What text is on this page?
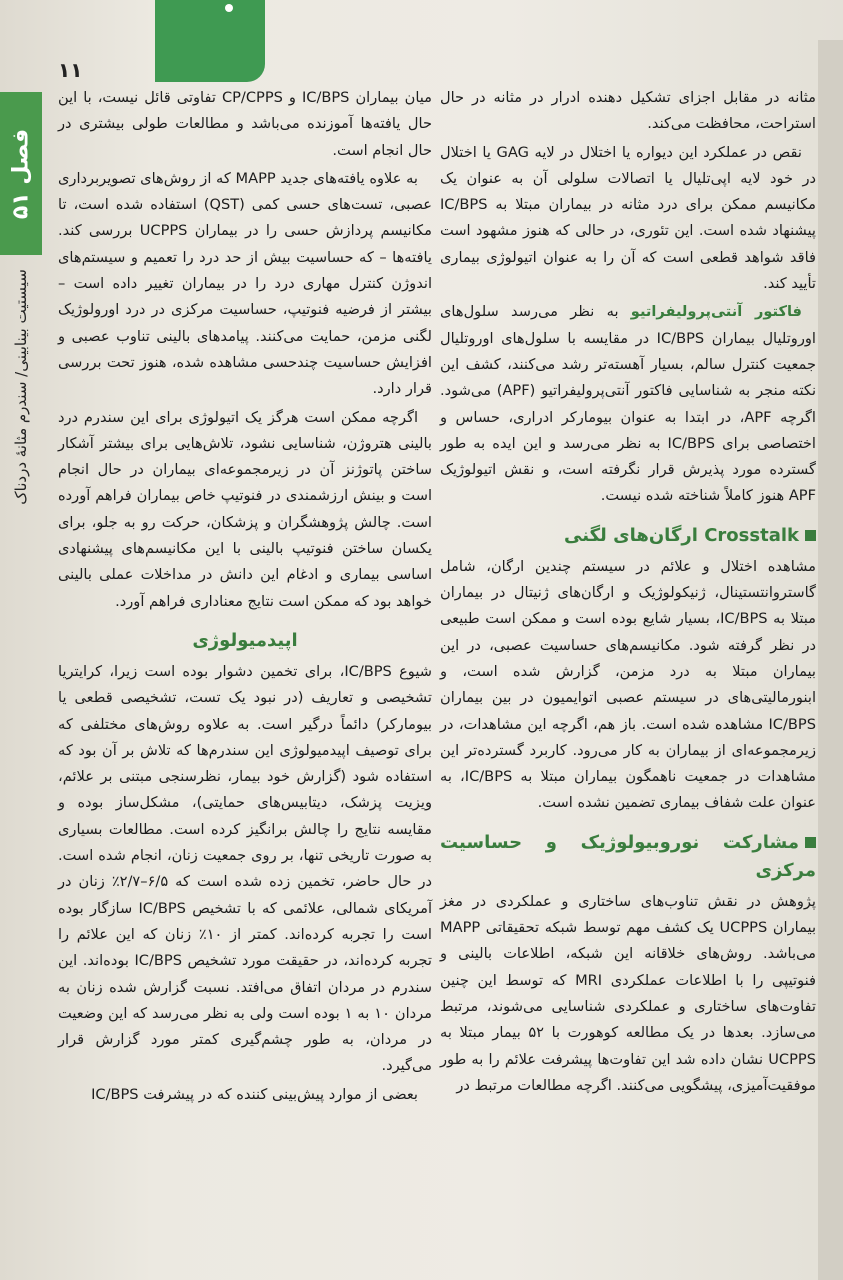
۱۱
فصل ۵۱
سیستیت بینابینی/ سندرم مثانهٔ دردناک

مثانه در مقابل اجزای تشکیل دهنده ادرار در مثانه در حال استراحت، محافظت می‌کند.

نقص در عملکرد این دیواره یا اختلال در لایه GAG یا اختلال در خود لایه اپی‌تلیال یا اتصالات سلولی آن به عنوان یک مکانیسم ممکن برای درد مثانه در بیماران مبتلا به IC/BPS پیشنهاد شده است. این تئوری، در حالی که هنوز مشهود است فاقد شواهد قطعی است که آن را به عنوان اتیولوژی بیماری تأیید کند.

فاکتور آنتی‌پرولیفراتیو به نظر می‌رسد سلول‌های اوروتلیال بیماران IC/BPS در مقایسه با سلول‌های اوروتلیال جمعیت کنترل سالم، بسیار آهسته‌تر رشد می‌کنند، کشف این نکته منجر به شناسایی فاکتور آنتی‌پرولیفراتیو (APF) می‌شود. اگرچه APF، در ابتدا به عنوان بیومارکر ادراری، حساس و اختصاصی برای IC/BPS به نظر می‌رسد و این ایده به طور گسترده مورد پذیرش قرار نگرفته است، و نقش اتیولوژیک APF هنوز کاملاً شناخته شده نیست.

Crosstalk ارگان‌های لگنی

مشاهده اختلال و علائم در سیستم چندین ارگان، شامل گاستروانتستینال، ژنیکولوژیک و ارگان‌های ژنیتال در بیماران مبتلا به IC/BPS، بسیار شایع بوده است و ممکن است طبیعی در نظر گرفته شود. مکانیسم‌های حساسیت عصبی، در این بیماران مبتلا به درد مزمن، گزارش شده است، و ابنورمالیتی‌های در سیستم عصبی اتوایمیون در بین بیماران IC/BPS مشاهده شده است. باز هم، اگرچه این مشاهدات، در زیرمجموعه‌ای از بیماران به کار می‌رود. کاربرد گسترده‌تر این مشاهدات در جمعیت ناهمگون بیماران مبتلا به IC/BPS، به عنوان علت شفاف بیماری تضمین نشده است.

مشارکت نوروبیولوژیک و حساسیت مرکزی

پژوهش در نقش تناوب‌های ساختاری و عملکردی در مغز بیماران UCPPS یک کشف مهم توسط شبکه تحقیقاتی MAPP می‌باشد. روش‌های خلاقانه این شبکه، اطلاعات بالینی و فنوتیپی را با اطلاعات عملکردی MRI که توسط این چنین تفاوت‌های ساختاری و عملکردی شناسایی می‌شوند، مرتبط می‌سازد. بعدها در یک مطالعه کوهورت با ۵۲ بیمار مبتلا به UCPPS نشان داده شد این تفاوت‌ها پیشرفت علائم را به طور موفقیت‌آمیزی، پیشگویی می‌کنند. اگرچه مطالعات مرتبط در

میان بیماران IC/BPS و CP/CPPS تفاوتی قائل نیست، با این حال یافته‌ها آموزنده می‌باشد و مطالعات طولی بیشتری در حال انجام است.

به علاوه یافته‌های جدید MAPP که از روش‌های تصویربرداری عصبی، تست‌های حسی کمی (QST) استفاده شده است، تا مکانیسم پردازش حسی را در بیماران UCPPS بررسی کند. یافته‌ها – که حساسیت بیش از حد درد را تعمیم و سیستم‌های اندوژن کنترل مهاری درد را در بیماران تغییر داده است – بیشتر از فرضیه فنوتیپ، حساسیت مرکزی در درد اورولوژیک لگنی مزمن، حمایت می‌کنند. پیامدهای بالینی تناوب عصبی و افزایش حساسیت چندحسی مشاهده شده، هنوز تحت بررسی قرار دارد.

اگرچه ممکن است هرگز یک اتیولوژی برای این سندرم درد بالینی هتروژن، شناسایی نشود، تلاش‌هایی برای بیشتر آشکار ساختن پاتوژنز آن در زیرمجموعه‌ای بیماران در حال انجام است و بینش ارزشمندی در فنوتیپ خاص بیماران فراهم آورده است. چالش پژوهشگران و پزشکان، حرکت رو به جلو، برای یکسان ساختن فنوتیپ بالینی با این مکانیسم‌های پیشنهادی اساسی بیماری و ادغام این دانش در مداخلات عملی بالینی خواهد بود که ممکن است نتایج معناداری فراهم آورد.

اپیدمیولوژی

شیوع IC/BPS، برای تخمین دشوار بوده است زیرا، کرایتریا تشخیصی و تعاریف (در نبود یک تست، تشخیصی قطعی یا بیومارکر) دائماً درگیر است. به علاوه روش‌های مختلفی که برای توصیف اپیدمیولوژی این سندرم‌ها که تلاش بر آن بود که استفاده شود (گزارش خود بیمار، نظرسنجی مبتنی بر علائم، ویزیت پزشک، دیتابیس‌های حمایتی)، مشکل‌ساز بوده و مقایسه نتایج را چالش برانگیز کرده است. مطالعات بسیاری به صورت تاریخی تنها، بر روی جمعیت زنان، انجام شده است. در حال حاضر، تخمین زده شده است که ۶/۵–۲/۷٪ زنان در آمریکای شمالی، علائمی که با تشخیص IC/BPS سازگار بوده است را تجربه کرده‌اند. کمتر از ۱۰٪ زنان که این علائم را تجربه کرده‌اند، در حقیقت مورد تشخیص IC/BPS بوده‌اند. این سندرم در مردان اتفاق می‌افتد. نسبت گزارش شده زنان به مردان ۱۰ به ۱ بوده است ولی به نظر می‌رسد که این وضعیت در مردان، به طور چشم‌گیری کمتر مورد گزارش قرار می‌گیرد.

بعضی از موارد پیش‌بینی کننده که در پیشرفت IC/BPS
